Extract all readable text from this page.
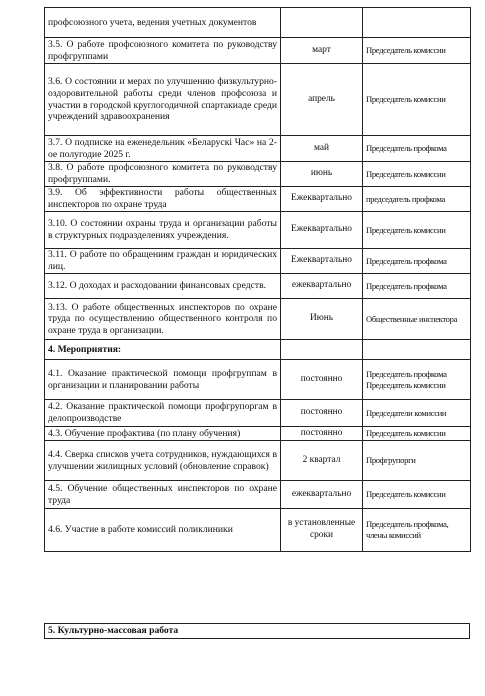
профсоюзного учета, ведения учетных документов		
3.5. О работе профсоюзного комитета по руководству профгруппами	март	Председатель комиссии
3.6. О состоянии и мерах по улучшению физкультурно-оздоровительной работы среди членов профсоюза и участии в городской круглогодичной спартакиаде среди учреждений здравоохранения	апрель	Председатель комиссии
3.7. О подписке на еженедельник «Беларускі Час» на 2-ое полугодие 2025 г.	май	Председатель профкома
3.8. О работе профсоюзного комитета по руководству профгруппами.	июнь	Председатель комиссии
3.9. Об эффективности работы общественных инспекторов по охране труда	Ежеквартально	председатель профкома
3.10. О состоянии охраны труда и организации работы в структурных подразделениях учреждения.	Ежеквартально	Председатель комиссии
3.11. О работе по обращениям граждан и юридических лиц.	Ежеквартально	Председатель профкома
3.12. О доходах и расходовании финансовых средств.	ежеквартально	Председатель профкома
3.13. О работе общественных инспекторов по охране труда по осуществлению общественного контроля по охране труда в организации.	Июнь	Общественные инспектора
4. Мероприятия:		
4.1. Оказание практической помощи профгруппам в организации и планировании работы	постоянно	Председатель профкома Председатель комиссии
4.2. Оказание практической помощи профгрупоргам в делопроизводстве	постоянно	Председатели комиссии
4.3. Обучение профактива (по плану обучения)	постоянно	Председатель комиссии
4.4. Сверка списков учета сотрудников, нуждающихся в улучшении жилищных условий (обновление справок)	2 квартал	Профгрупорги
4.5. Обучение общественных инспекторов по охране труда	ежеквартально	Председатель комиссии
4.6. Участие в работе комиссий поликлиники	в установленные сроки	Председатель профкома, члены комиссий
5. Культурно-массовая работа
